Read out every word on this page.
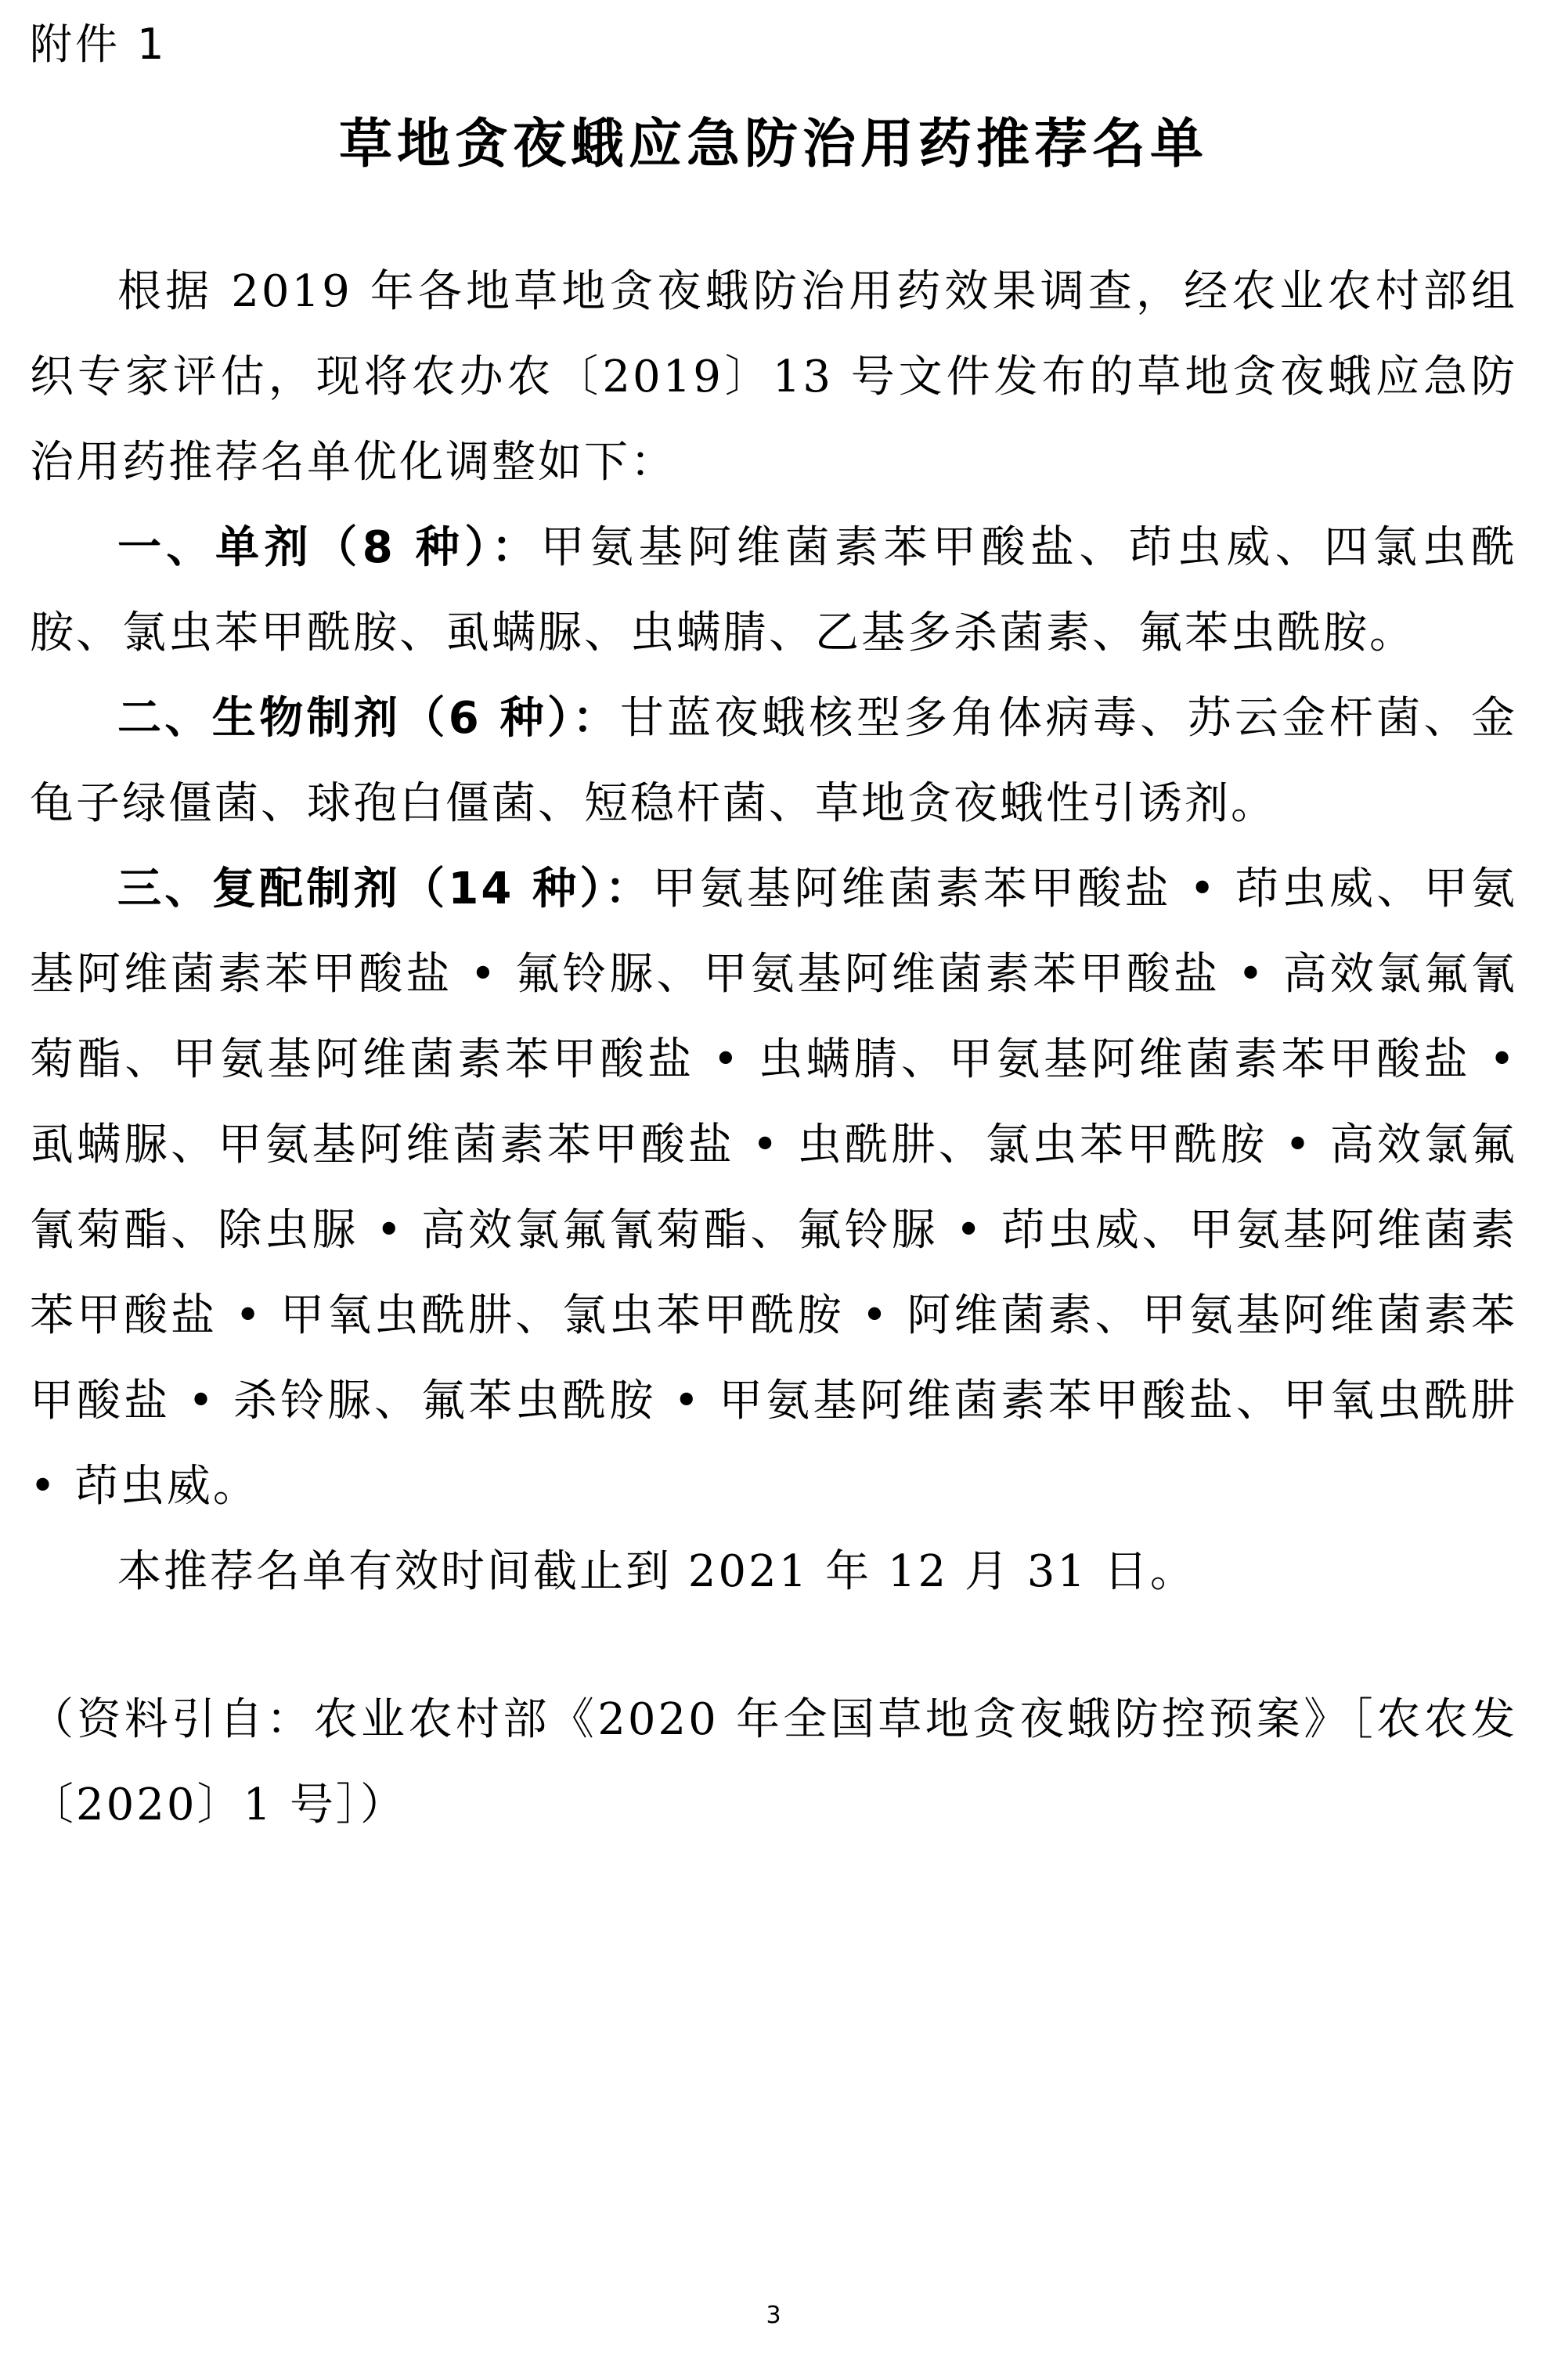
附件 1
草地贪夜蛾应急防治用药推荐名单

根据 2019 年各地草地贪夜蛾防治用药效果调查，经农业农村部组织专家评估，现将农办农〔2019〕13 号文件发布的草地贪夜蛾应急防治用药推荐名单优化调整如下：

一、单剂（8 种）：甲氨基阿维菌素苯甲酸盐、茚虫威、四氯虫酰胺、氯虫苯甲酰胺、虱螨脲、虫螨腈、乙基多杀菌素、氟苯虫酰胺。

二、生物制剂（6 种）：甘蓝夜蛾核型多角体病毒、苏云金杆菌、金龟子绿僵菌、球孢白僵菌、短稳杆菌、草地贪夜蛾性引诱剂。

三、复配制剂（14 种）：甲氨基阿维菌素苯甲酸盐 • 茚虫威、甲氨基阿维菌素苯甲酸盐 • 氟铃脲、甲氨基阿维菌素苯甲酸盐 • 高效氯氟氰菊酯、甲氨基阿维菌素苯甲酸盐 • 虫螨腈、甲氨基阿维菌素苯甲酸盐 • 虱螨脲、甲氨基阿维菌素苯甲酸盐 • 虫酰肼、氯虫苯甲酰胺 • 高效氯氟氰菊酯、除虫脲 • 高效氯氟氰菊酯、氟铃脲 • 茚虫威、甲氨基阿维菌素苯甲酸盐 • 甲氧虫酰肼、氯虫苯甲酰胺 • 阿维菌素、甲氨基阿维菌素苯甲酸盐 • 杀铃脲、氟苯虫酰胺 • 甲氨基阿维菌素苯甲酸盐、甲氧虫酰肼 • 茚虫威。

本推荐名单有效时间截止到 2021 年 12 月 31 日。

（资料引自：农业农村部《2020 年全国草地贪夜蛾防控预案》［农农发〔2020〕1 号］）
3
